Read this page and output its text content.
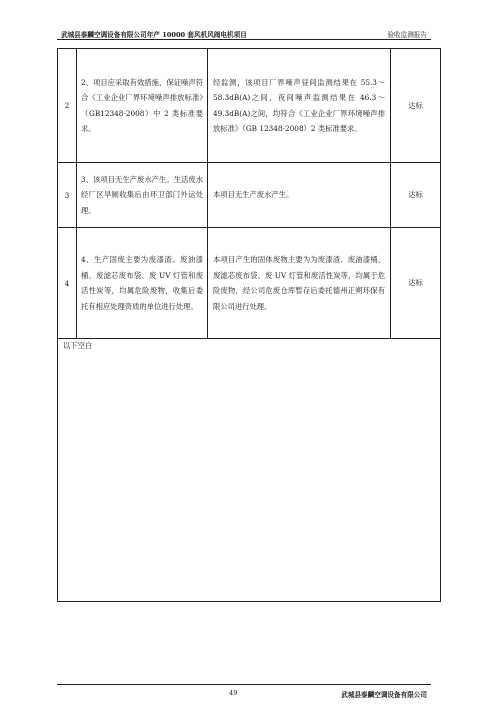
武城县泰麟空调设备有限公司年产 10000 套风机风阀电机项目	验收监测报告
2	2、项目应采取有效措施，保证噪声符合《工业企业厂界环境噪声排放标准》（GB12348-2008）中 2 类标准要求。	经监测，该项目厂界噪声昼间监测结果在 55.3～58.3dB(A)之间，夜间噪声监测结果在 46.3～49.3dB(A)之间，均符合《工业企业厂界环境噪声排放标准》（GB 12348-2008）2 类标准要求。	达标
3	3、该项目无生产废水产生。生活废水经厂区旱厕收集后由环卫部门外运处理。	本项目无生产废水产生。	达标
4	4、生产固废主要为废漆渣、废油漆桶、废滤芯废布袋、废 UV 灯管和废活性炭等，均属危险废物，收集后委托有相应处理资质的单位进行处理。	本项目产生的固体废物主要为为废漆渣、废油漆桶、废滤芯废布袋、废 UV 灯管和废活性炭等，均属于危险废物，经公司危废仓库暂存后委托德州正朔环保有限公司进行处理。	达标
以下空白			
49	武城县泰麟空调设备有限公司
